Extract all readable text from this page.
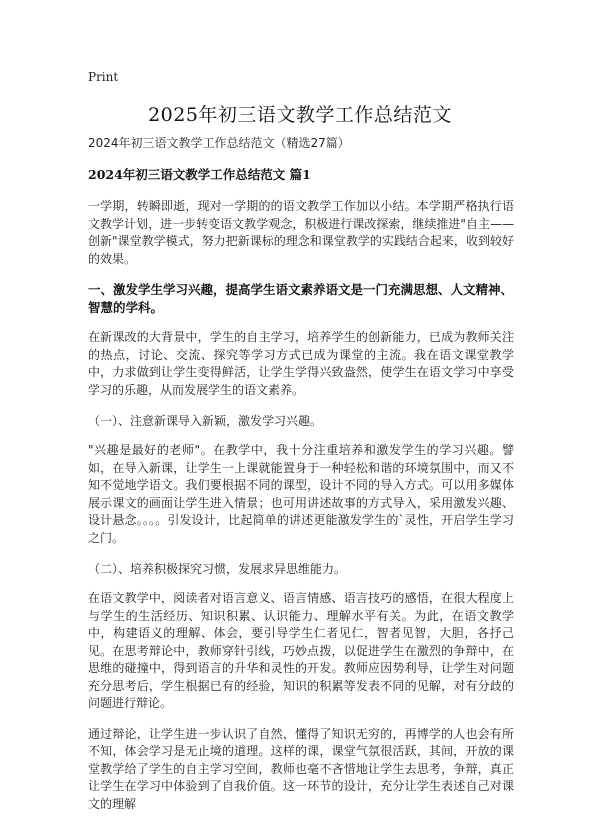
Print
2025年初三语文教学工作总结范文

2024年初三语文教学工作总结范文（精选27篇）

2024年初三语文教学工作总结范文 篇1

一学期，转瞬即逝，现对一学期的的语文教学工作加以小结。本学期严格执行语文教学计划，进一步转变语文教学观念，积极进行课改探索，继续推进"自主——创新"课堂教学模式，努力把新课标的理念和课堂教学的实践结合起来，收到较好的效果。

一、激发学生学习兴趣，提高学生语文素养语文是一门充满思想、人文精神、智慧的学科。

在新课改的大背景中，学生的自主学习，培养学生的创新能力，已成为教师关注的热点，讨论、交流、探究等学习方式已成为课堂的主流。我在语文课堂教学中，力求做到让学生变得鲜活，让学生学得兴致盎然，使学生在语文学习中享受学习的乐趣，从而发展学生的语文素养。

（一）、注意新课导入新颖，激发学习兴趣。

"兴趣是最好的老师"。在教学中，我十分注重培养和激发学生的学习兴趣。譬如，在导入新课，让学生一上课就能置身于一种轻松和谐的环境氛围中，而又不知不觉地学语文。我们要根据不同的课型，设计不同的导入方式。可以用多媒体展示课文的画面让学生进入情景；也可用讲述故事的方式导入，采用激发兴趣、设计悬念。。。。引发设计，比起简单的讲述更能激发学生的`灵性，开启学生学习之门。

（二）、培养积极探究习惯，发展求异思维能力。

在语文教学中，阅读者对语言意义、语言情感、语言技巧的感悟，在很大程度上与学生的生活经历、知识积累、认识能力、理解水平有关。为此，在语文教学中，构建语义的理解、体会，要引导学生仁者见仁，智者见智，大胆，各抒己见。在思考辩论中，教师穿针引线，巧妙点拨，以促进学生在激烈的争辩中，在思维的碰撞中，得到语言的升华和灵性的开发。教师应因势利导，让学生对问题充分思考后，学生根据已有的经验，知识的积累等发表不同的见解，对有分歧的问题进行辩论。

通过辩论，让学生进一步认识了自然，懂得了知识无穷的，再博学的人也会有所不知，体会学习是无止境的道理。这样的课，课堂气氛很活跃，其间，开放的课堂教学给了学生的自主学习空间，教师也毫不吝惜地让学生去思考，争辩，真正让学生在学习中体验到了自我价值。这一环节的设计，充分让学生表述自己对课文的理解
